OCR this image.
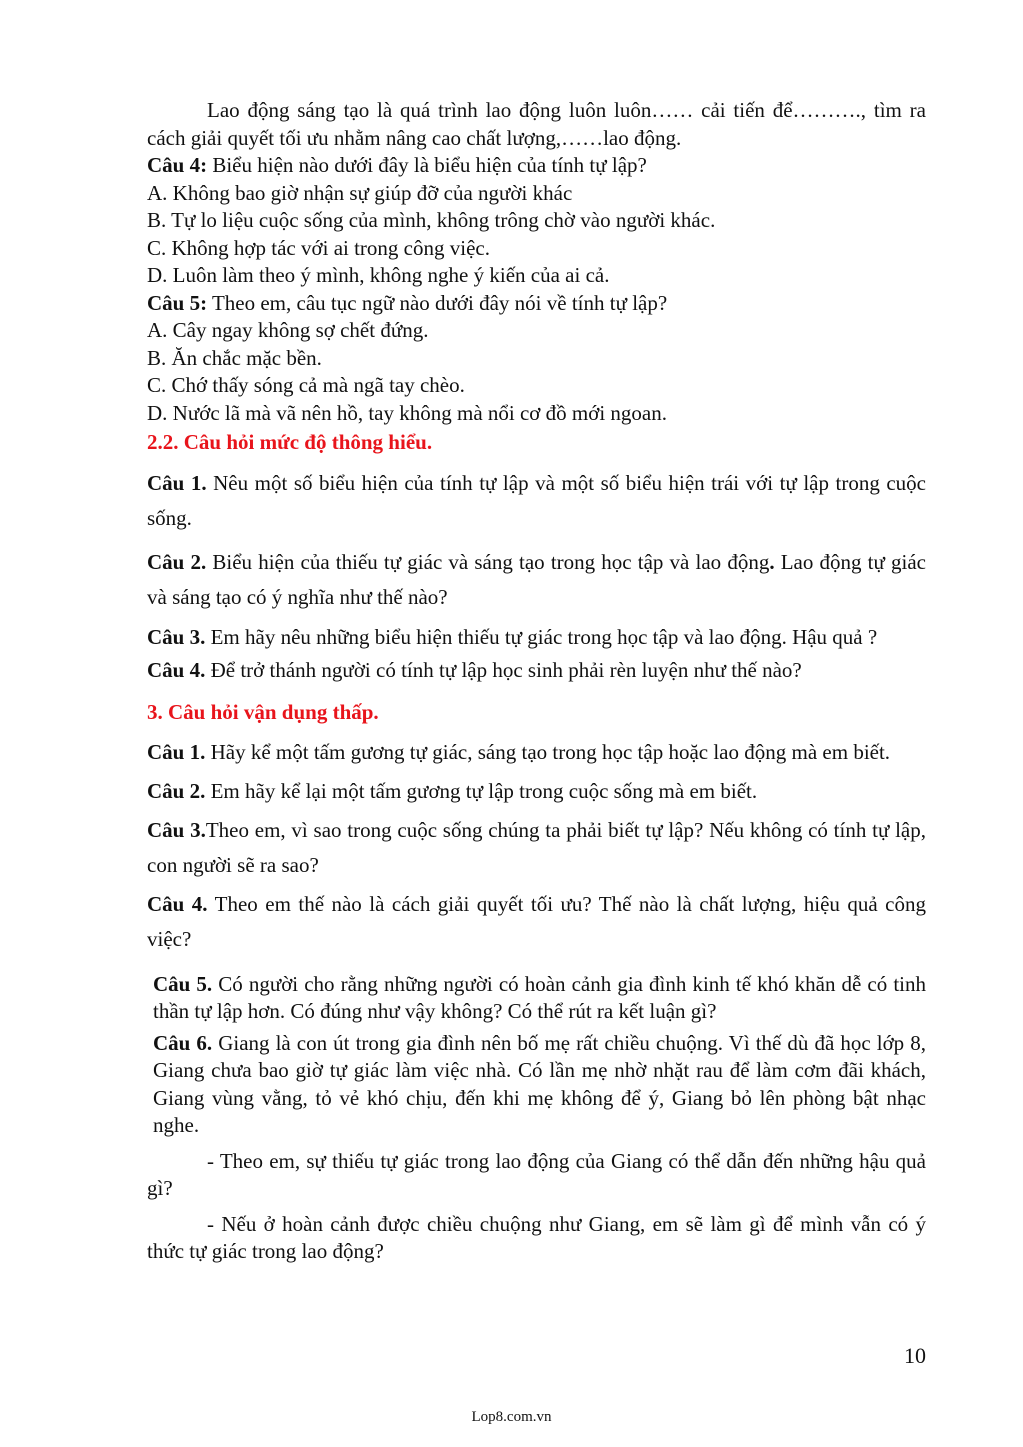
Lao động sáng tạo là quá trình lao động luôn luôn…… cải tiến để………., tìm ra cách giải quyết tối ưu nhằm nâng cao chất lượng,……lao động.

Câu 4: Biểu hiện nào dưới đây là biểu hiện của tính tự lập?

A. Không bao giờ nhận sự giúp đỡ của người khác

B. Tự lo liệu cuộc sống của mình, không trông chờ vào người khác.

C. Không hợp tác với ai trong công việc.

D. Luôn làm theo ý mình, không nghe ý kiến của ai cả.

Câu 5: Theo em, câu tục ngữ nào dưới đây nói về tính tự lập?

A. Cây ngay không sợ chết đứng.

B. Ăn chắc mặc bền.

C. Chớ thấy sóng cả mà ngã tay chèo.

D. Nước lã mà vã nên hồ, tay không mà nổi cơ đồ mới ngoan.

2.2. Câu hỏi mức độ thông hiểu.

Câu 1. Nêu một số biểu hiện của tính tự lập và một số biểu hiện trái với tự lập trong cuộc sống.

Câu 2. Biểu hiện của thiếu tự giác và sáng tạo trong học tập và lao động. Lao động tự giác và sáng tạo có ý nghĩa như thế nào?

Câu 3. Em hãy nêu những biểu hiện thiếu tự giác trong học tập và lao động. Hậu quả ?

Câu 4. Để trở thánh người có tính tự lập học sinh phải rèn luyện như thế nào?

3. Câu hỏi vận dụng thấp.

Câu 1. Hãy kể một tấm gương tự giác, sáng tạo trong học tập hoặc lao động mà em biết.

Câu 2. Em hãy kể lại một tấm gương tự lập trong cuộc sống mà em biết.

Câu 3.Theo em, vì sao trong cuộc sống chúng ta phải biết tự lập? Nếu không có tính tự lập, con người sẽ ra sao?

Câu 4. Theo em thế nào là cách giải quyết tối ưu? Thế nào là chất lượng, hiệu quả công việc?

Câu 5. Có người cho rằng những người có hoàn cảnh gia đình kinh tế khó khăn dễ có tinh thần tự lập hơn. Có đúng như vậy không? Có thể rút ra kết luận gì?

Câu 6. Giang là con út trong gia đình nên bố mẹ rất chiều chuộng. Vì thế dù đã học lớp 8, Giang chưa bao giờ tự giác làm việc nhà. Có lần mẹ nhờ nhặt rau để làm cơm đãi khách, Giang vùng vằng, tỏ vẻ khó chịu, đến khi mẹ không để ý, Giang bỏ lên phòng bật nhạc nghe.

- Theo em, sự thiếu tự giác trong lao động của Giang có thể dẫn đến những hậu quả gì?

- Nếu ở hoàn cảnh được chiều chuộng như Giang, em sẽ làm gì để mình vẫn có ý thức tự giác trong lao động?

10
Lop8.com.vn
